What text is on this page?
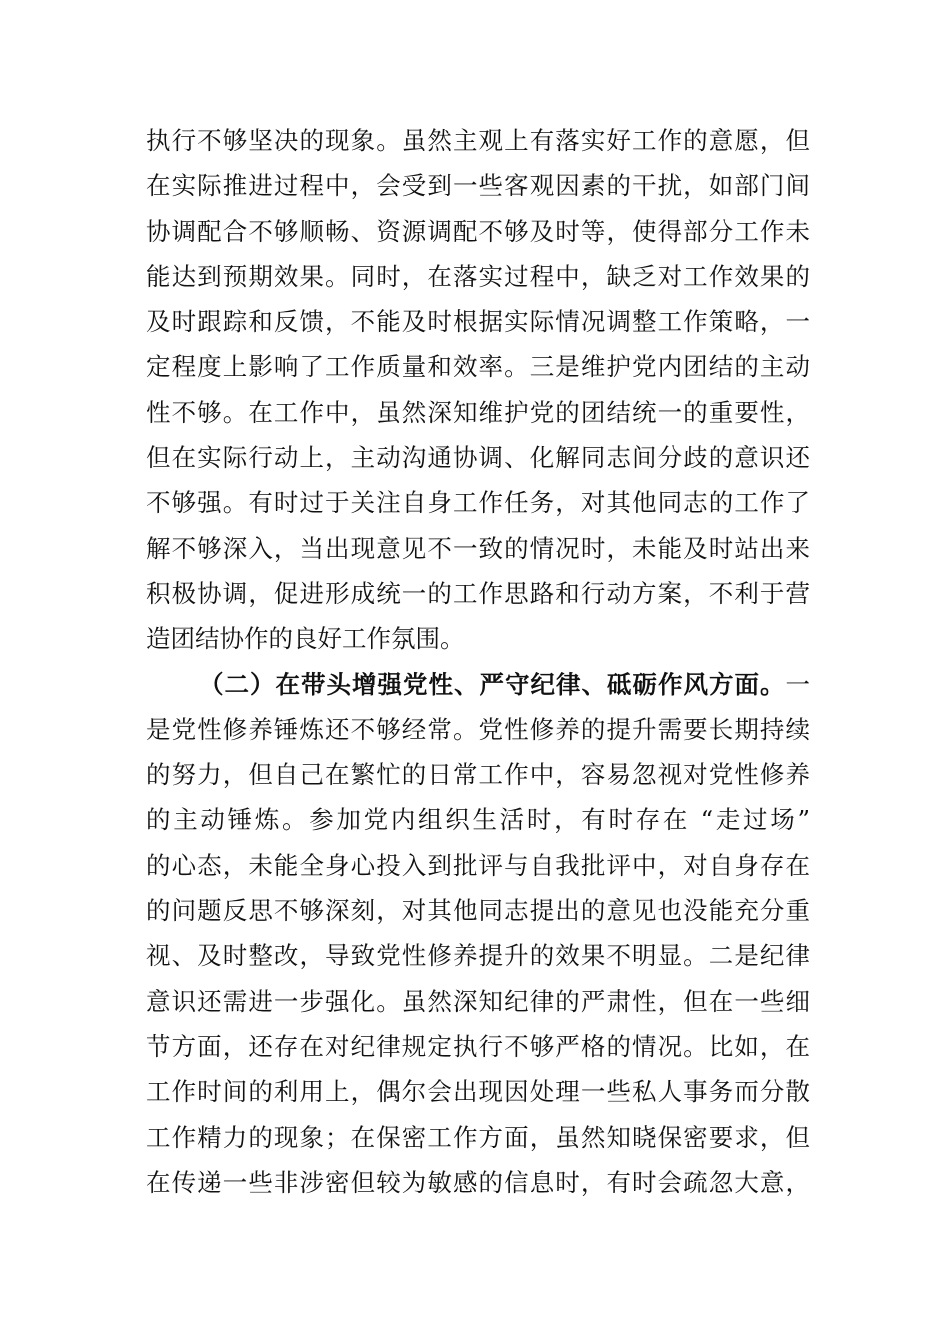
执行不够坚决的现象。虽然主观上有落实好工作的意愿，但
在实际推进过程中，会受到一些客观因素的干扰，如部门间
协调配合不够顺畅、资源调配不够及时等，使得部分工作未
能达到预期效果。同时，在落实过程中，缺乏对工作效果的
及时跟踪和反馈，不能及时根据实际情况调整工作策略，一
定程度上影响了工作质量和效率。三是维护党内团结的主动
性不够。在工作中，虽然深知维护党的团结统一的重要性，
但在实际行动上，主动沟通协调、化解同志间分歧的意识还
不够强。有时过于关注自身工作任务，对其他同志的工作了
解不够深入，当出现意见不一致的情况时，未能及时站出来
积极协调，促进形成统一的工作思路和行动方案，不利于营
造团结协作的良好工作氛围。
（二）在带头增强党性、严守纪律、砥砺作风方面。一
是党性修养锤炼还不够经常。党性修养的提升需要长期持续
的努力，但自己在繁忙的日常工作中，容易忽视对党性修养
的主动锤炼。参加党内组织生活时，有时存在 “走过场”
的心态，未能全身心投入到批评与自我批评中，对自身存在
的问题反思不够深刻，对其他同志提出的意见也没能充分重
视、及时整改，导致党性修养提升的效果不明显。二是纪律
意识还需进一步强化。虽然深知纪律的严肃性，但在一些细
节方面，还存在对纪律规定执行不够严格的情况。比如，在
工作时间的利用上，偶尔会出现因处理一些私人事务而分散
工作精力的现象；在保密工作方面，虽然知晓保密要求，但
在传递一些非涉密但较为敏感的信息时，有时会疏忽大意，
